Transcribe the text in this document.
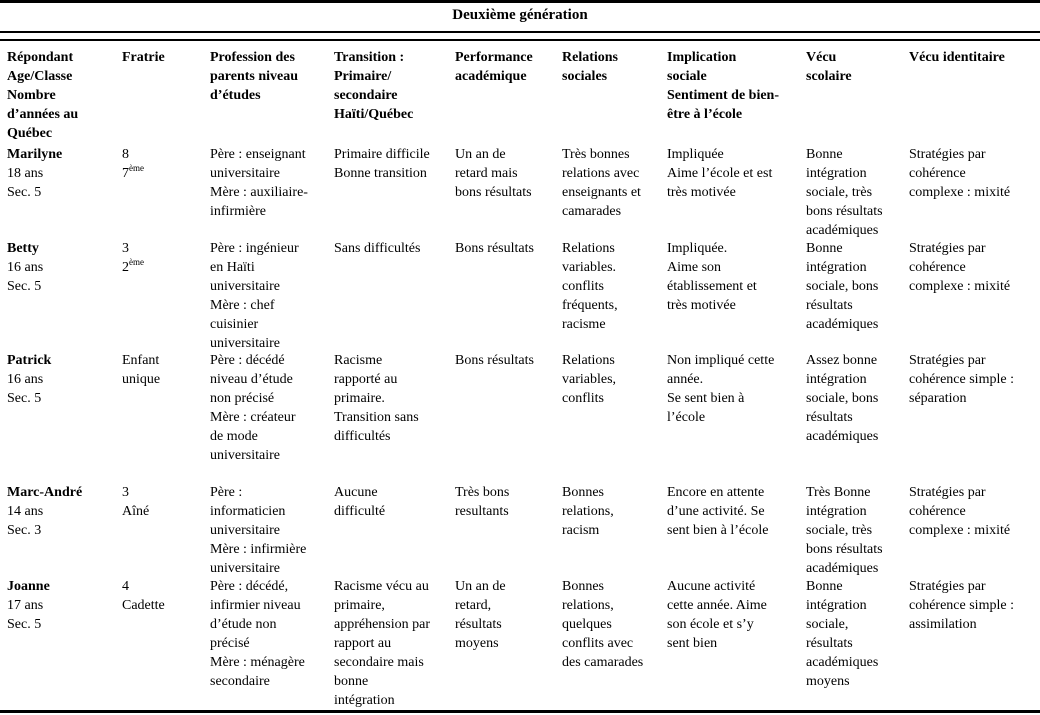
Deuxième génération
Répondant
Age/Classe
Nombre
d’années au
Québec
Fratrie	Profession des
parents niveau
d’études
Transition :
Primaire/
secondaire
Haïti/Québec
Performance
académique
Relations
sociales
Implication
sociale
Sentiment de bien-
être à l’école
Vécu
scolaire
Vécu identitaire
Marilyne
18 ans
Sec. 5
8
7ème
Père : enseignant
universitaire
Mère : auxiliaire-
infirmière
Primaire difficile
Bonne transition
Un an de
retard mais
bons résultats
Très bonnes
relations avec
enseignants et
camarades
Impliquée
Aime l’école et est
très motivée
Bonne
intégration
sociale, très
bons résultats
académiques
Stratégies par
cohérence
complexe : mixité
Betty
16 ans
Sec. 5
3
2ème
Père : ingénieur
en Haïti
universitaire
Mère : chef
cuisinier
universitaire
Sans difficultés Bons résultats Relations
variables.
conflits
fréquents,
racisme
Impliquée.
Aime son
établissement et
très motivée
Bonne
intégration
sociale, bons
résultats
académiques
Stratégies par
cohérence
complexe : mixité
Patrick
16 ans
Sec. 5
Enfant
unique
Père : décédé
niveau d’étude
non précisé
Mère : créateur
de mode
universitaire
Racisme
rapporté au
primaire.
Transition sans
difficultés
Bons résultats Relations
variables,
conflits
Non impliqué cette
année.
Se sent bien à
l’école
Assez bonne
intégration
sociale, bons
résultats
académiques
Stratégies par
cohérence simple :
séparation
Marc-André
14 ans
Sec. 3
3
Aîné
Père :
informaticien
universitaire
Mère : infirmière
universitaire
Aucune
difficulté
Très bons
resultants
Bonnes
relations,
racism
Encore en attente
d’une activité. Se
sent bien à l’école
Très Bonne
intégration
sociale, très
bons résultats
académiques
Stratégies par
cohérence
complexe : mixité
Joanne
17 ans
Sec. 5
4
Cadette
Père : décédé,
infirmier niveau
d’étude non
précisé
Mère : ménagère
secondaire
Racisme vécu au
primaire,
appréhension par
rapport au
secondaire mais
bonne
intégration
Un an de
retard,
résultats
moyens
Bonnes
relations,
quelques
conflits avec
des camarades
Aucune activité
cette année. Aime
son école et s’y
sent bien
Bonne
intégration
sociale,
résultats
académiques
moyens
Stratégies par
cohérence simple :
assimilation
